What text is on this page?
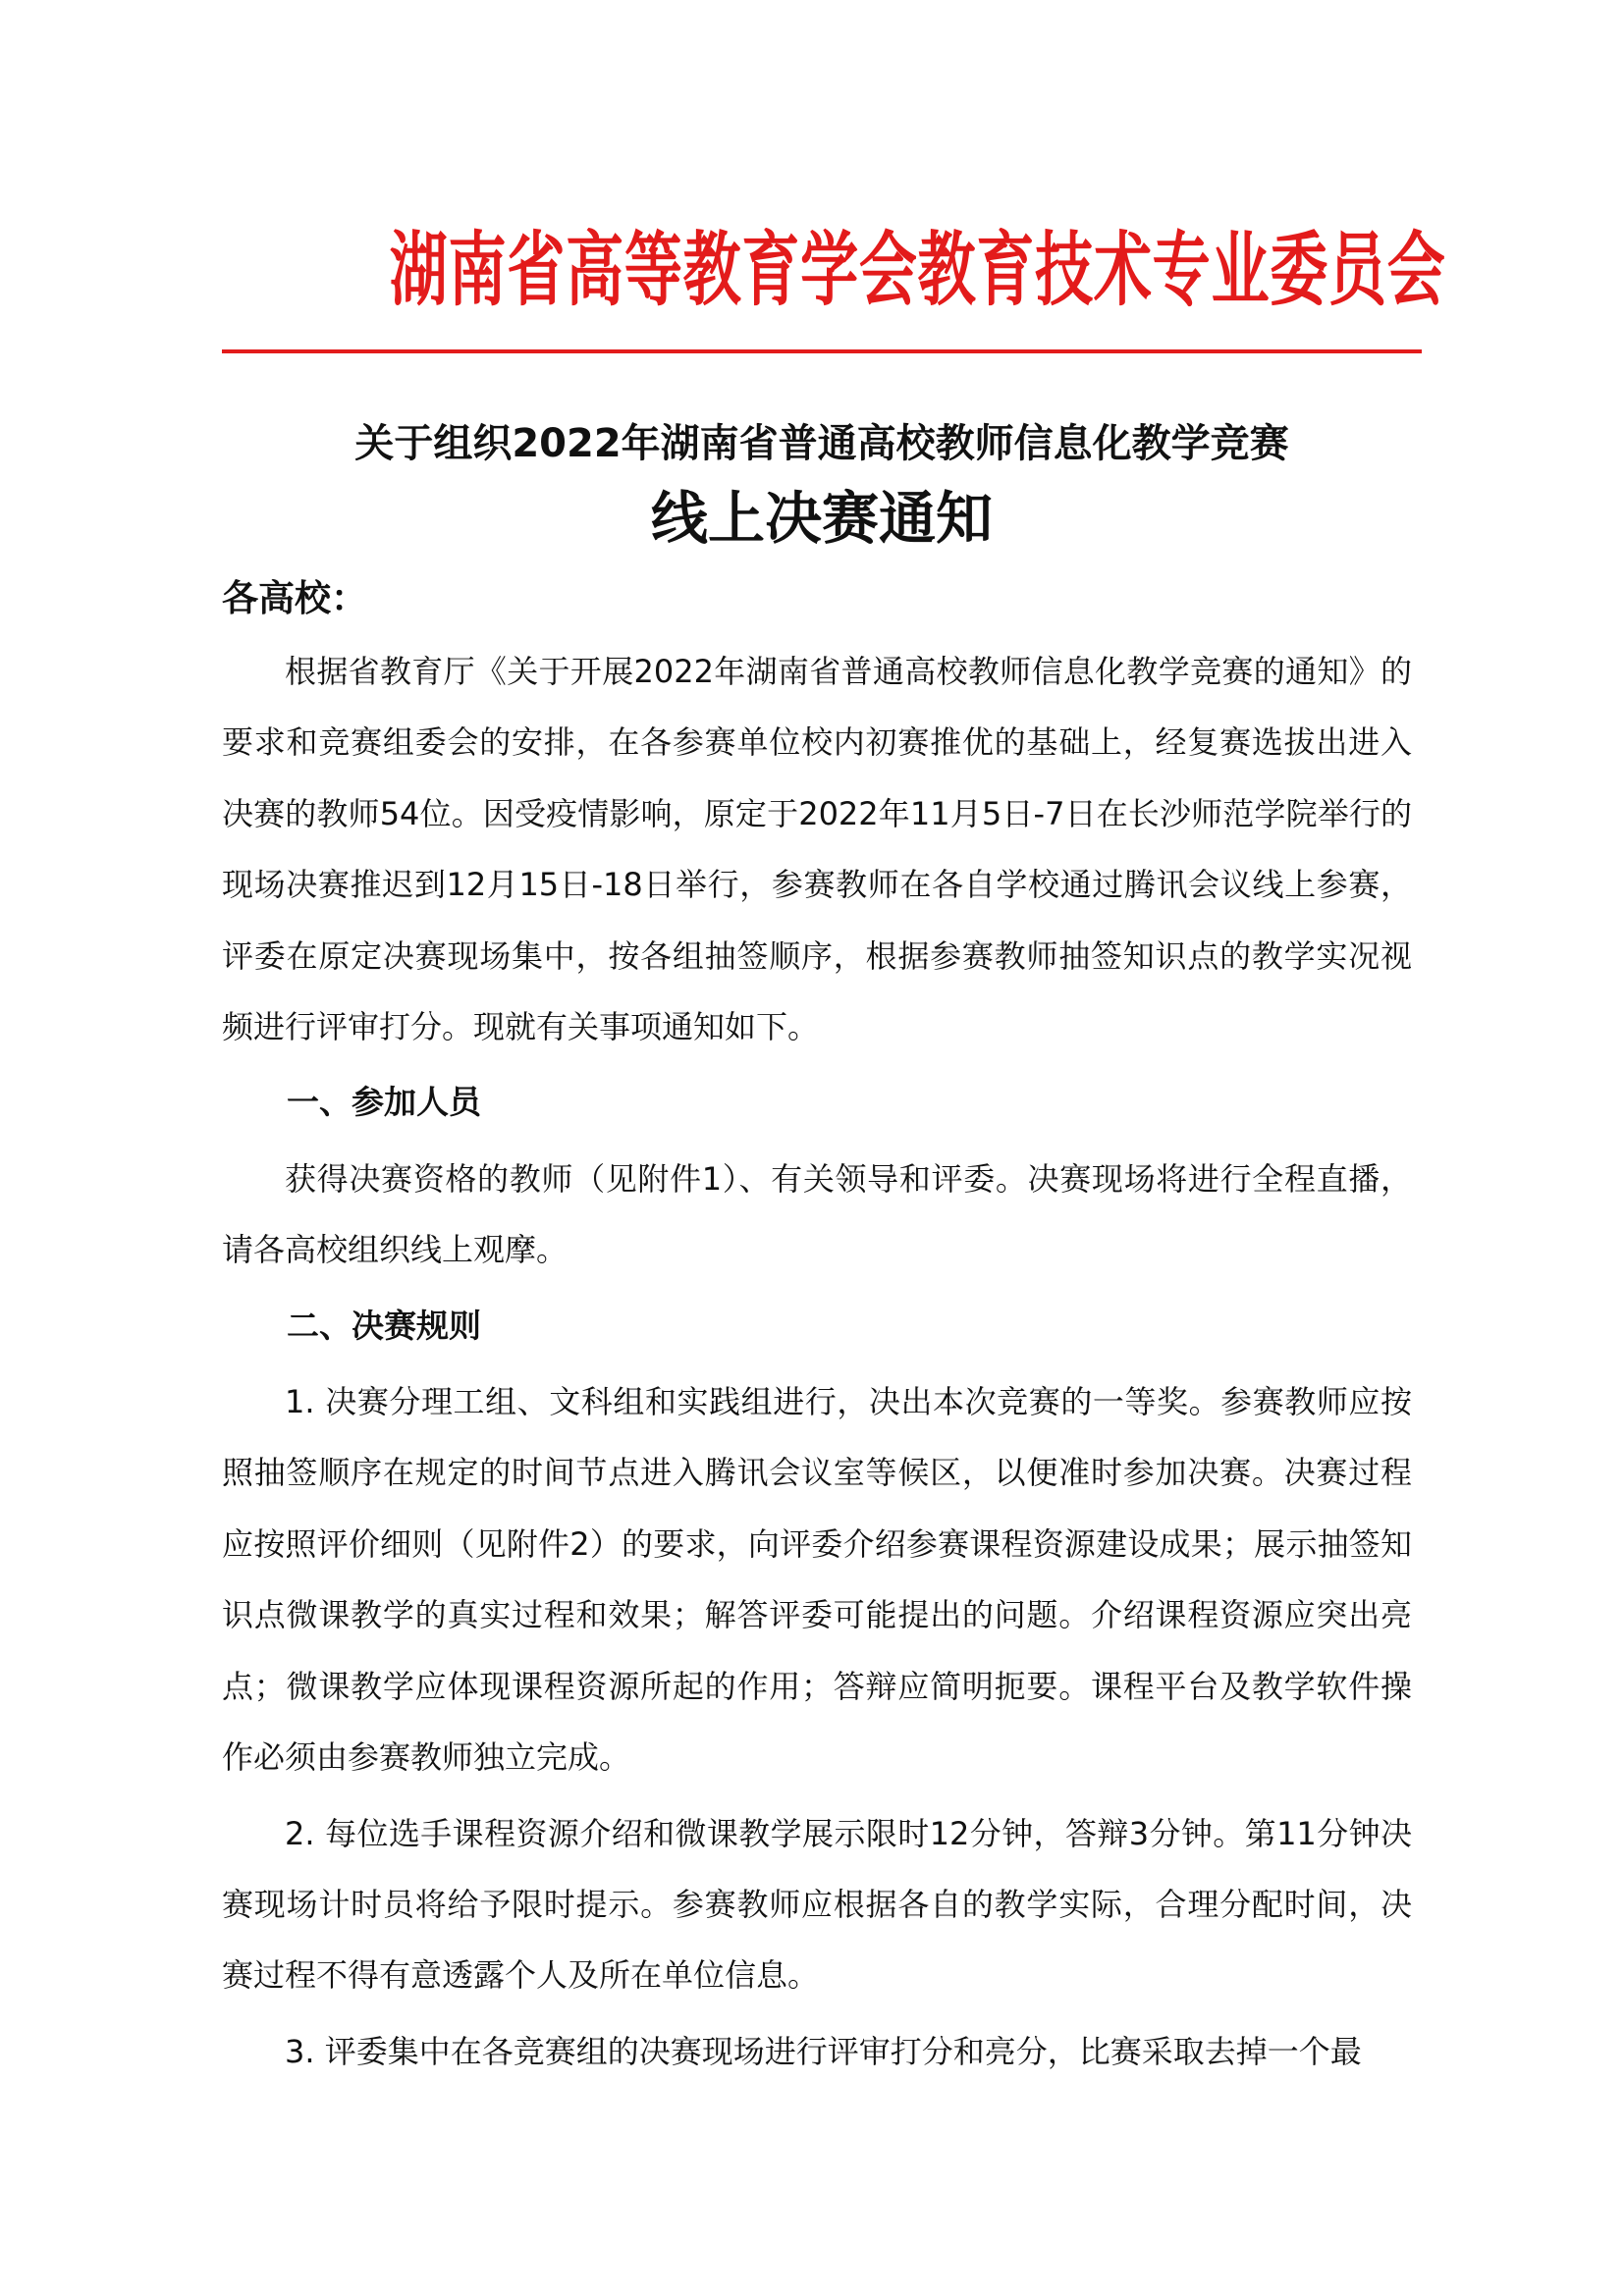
湖南省高等教育学会教育技术专业委员会
关于组织2022年湖南省普通高校教师信息化教学竞赛
线上决赛通知

各高校：

根据省教育厅《关于开展2022年湖南省普通高校教师信息化教学竞赛的通知》的要求和竞赛组委会的安排，在各参赛单位校内初赛推优的基础上，经复赛选拔出进入决赛的教师54位。因受疫情影响，原定于2022年11月5日-7日在长沙师范学院举行的现场决赛推迟到12月15日-18日举行，参赛教师在各自学校通过腾讯会议线上参赛，评委在原定决赛现场集中，按各组抽签顺序，根据参赛教师抽签知识点的教学实况视频进行评审打分。现就有关事项通知如下。

一、参加人员

获得决赛资格的教师（见附件1）、有关领导和评委。决赛现场将进行全程直播，请各高校组织线上观摩。

二、决赛规则

1. 决赛分理工组、文科组和实践组进行，决出本次竞赛的一等奖。参赛教师应按照抽签顺序在规定的时间节点进入腾讯会议室等候区，以便准时参加决赛。决赛过程应按照评价细则（见附件2）的要求，向评委介绍参赛课程资源建设成果；展示抽签知识点微课教学的真实过程和效果；解答评委可能提出的问题。介绍课程资源应突出亮点；微课教学应体现课程资源所起的作用；答辩应简明扼要。课程平台及教学软件操作必须由参赛教师独立完成。

2. 每位选手课程资源介绍和微课教学展示限时12分钟，答辩3分钟。第11分钟决赛现场计时员将给予限时提示。参赛教师应根据各自的教学实际，合理分配时间，决赛过程不得有意透露个人及所在单位信息。

3. 评委集中在各竞赛组的决赛现场进行评审打分和亮分，比赛采取去掉一个最
